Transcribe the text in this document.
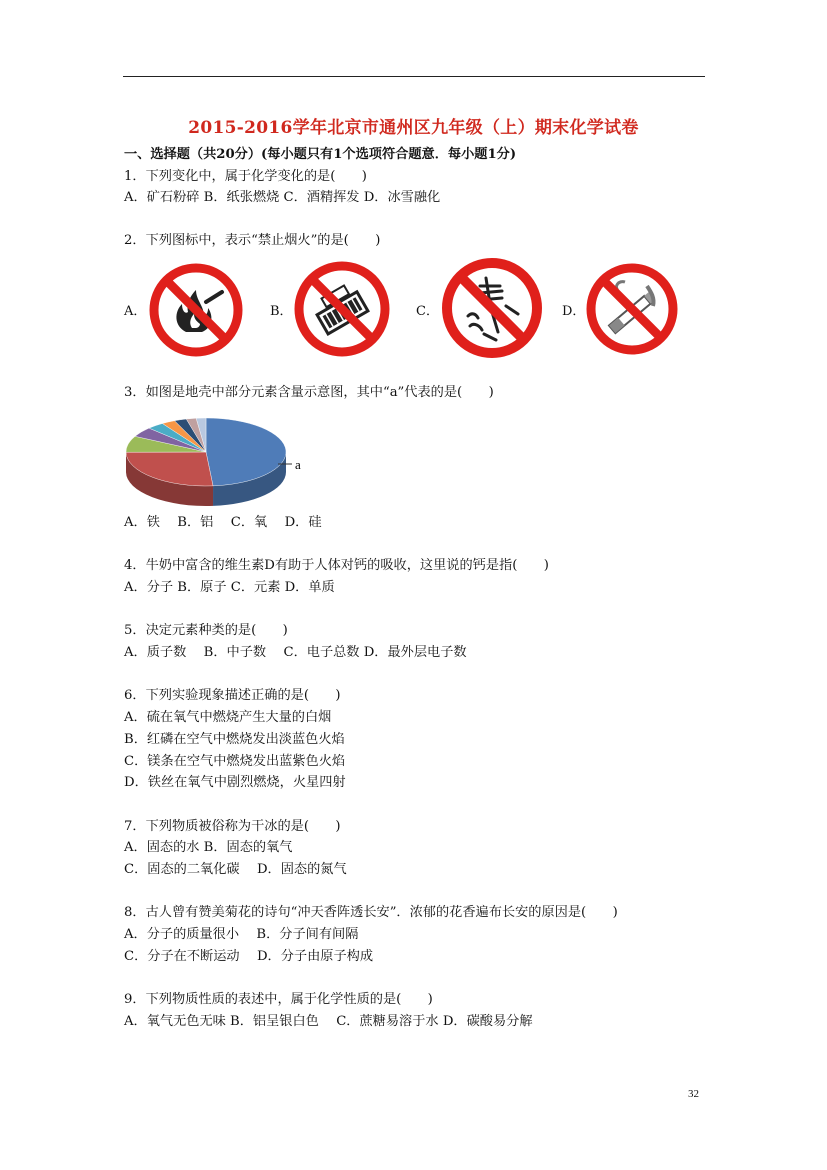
2015-2016学年北京市通州区九年级（上）期末化学试卷
一、选择题（共20分）(每小题只有1个选项符合题意．每小题1分)
1．下列变化中，属于化学变化的是(　　)
A．矿石粉碎 B．纸张燃烧 C．酒精挥发 D．冰雪融化
2．下列图标中，表示“禁止烟火”的是(　　)
A．	B．	C．	D．
3．如图是地壳中部分元素含量示意图，其中“a”代表的是(　　)
a
A．铁　 B．铝　 C．氧　 D．硅
4．牛奶中富含的维生素D有助于人体对钙的吸收，这里说的钙是指(　　)
A．分子 B．原子 C．元素 D．单质
5．决定元素种类的是(　　)
A．质子数　 B．中子数　 C．电子总数 D．最外层电子数
6．下列实验现象描述正确的是(　　)
A．硫在氧气中燃烧产生大量的白烟
B．红磷在空气中燃烧发出淡蓝色火焰
C．镁条在空气中燃烧发出蓝紫色火焰
D．铁丝在氧气中剧烈燃烧，火星四射
7．下列物质被俗称为干冰的是(　　)
A．固态的水 B．固态的氧气
C．固态的二氧化碳　 D．固态的氮气
8．古人曾有赞美菊花的诗句“冲天香阵透长安”．浓郁的花香遍布长安的原因是(　　)
A．分子的质量很小　 B．分子间有间隔
C．分子在不断运动　 D．分子由原子构成
9．下列物质性质的表述中，属于化学性质的是(　　)
A．氧气无色无味 B．铝呈银白色　 C．蔗糖易溶于水 D．碳酸易分解
32
